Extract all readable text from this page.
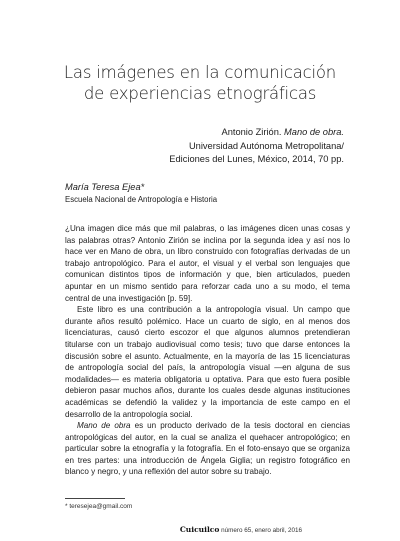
Las imágenes en la comunicación
de experiencias etnográficas
Antonio Zirión. Mano de obra.
Universidad Autónoma Metropolitana/
Ediciones del Lunes, México, 2014, 70 pp.
María Teresa Ejea*
Escuela Nacional de Antropología e Historia

¿Una imagen dice más que mil palabras, o las imágenes dicen unas cosas y las palabras otras? Antonio Zirión se inclina por la segunda idea y así nos lo hace ver en Mano de obra, un libro construido con fotografías derivadas de un trabajo antropológico. Para el autor, el visual y el verbal son lenguajes que comunican distintos tipos de información y que, bien articulados, pueden apuntar en un mismo sentido para reforzar cada uno a su modo, el tema central de una investigación [p. 59].

Este libro es una contribución a la antropología visual. Un campo que durante años resultó polémico. Hace un cuarto de siglo, en al menos dos licenciaturas, causó cierto escozor el que algunos alumnos pretendieran titularse con un trabajo audiovisual como tesis; tuvo que darse entonces la discusión sobre el asunto. Actualmente, en la mayoría de las 15 licenciaturas de antropología social del país, la antropología visual —en alguna de sus modalidades— es materia obligatoria u optativa. Para que esto fuera posible debieron pasar muchos años, durante los cuales desde algunas instituciones académicas se defendió la validez y la importancia de este campo en el desarrollo de la antropología social.

Mano de obra es un producto derivado de la tesis doctoral en ciencias antropológicas del autor, en la cual se analiza el quehacer antropológico; en particular sobre la etnografía y la fotografía. En el foto-ensayo que se organiza en tres partes: una introducción de Ángela Giglia; un registro fotográfico en blanco y negro, y una reflexión del autor sobre su trabajo.

* teresejea@gmail.com
Cuicuilco número 65, enero abril, 2016
